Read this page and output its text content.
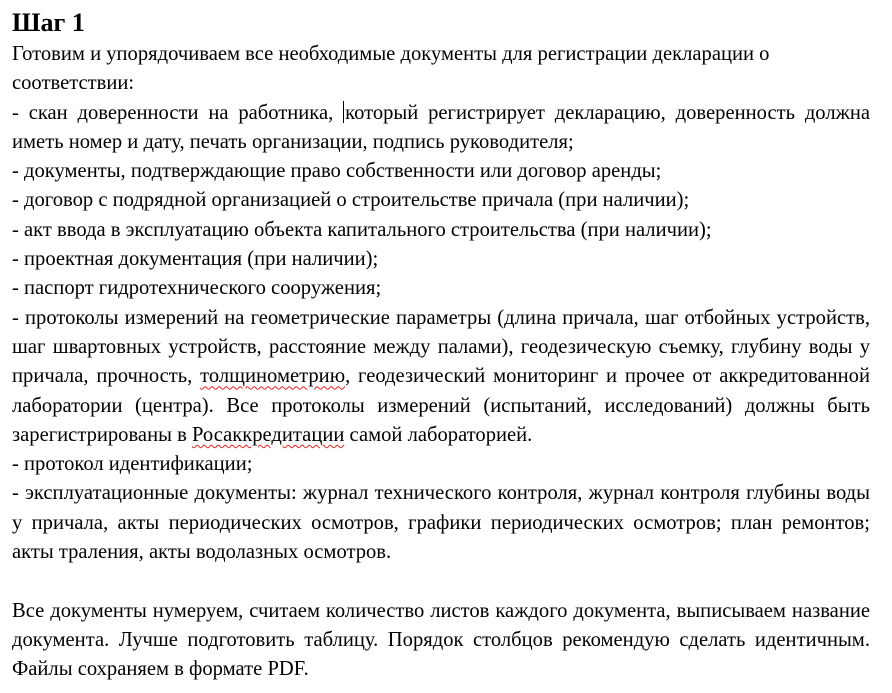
Шаг 1

Готовим и упорядочиваем все необходимые документы для регистрации декларации о соответствии:

- скан доверенности на работника, который регистрирует декларацию, доверенность должна иметь номер и дату, печать организации, подпись руководителя;

- документы, подтверждающие право собственности или договор аренды;

- договор с подрядной организацией о строительстве причала (при наличии);

- акт ввода в эксплуатацию объекта капитального строительства (при наличии);

- проектная документация (при наличии);

- паспорт гидротехнического сооружения;

- протоколы измерений на геометрические параметры (длина причала, шаг отбойных устройств, шаг швартовных устройств, расстояние между палами), геодезическую съемку, глубину воды у причала, прочность, толщинометрию, геодезический мониторинг и прочее от аккредитованной лаборатории (центра). Все протоколы измерений (испытаний, исследований) должны быть зарегистрированы в Росаккредитации самой лабораторией.

- протокол идентификации;

- эксплуатационные документы: журнал технического контроля, журнал контроля глубины воды у причала, акты периодических осмотров, графики периодических осмотров; план ремонтов; акты траления, акты водолазных осмотров.

Все документы нумеруем, считаем количество листов каждого документа, выписываем название документа. Лучше подготовить таблицу. Порядок столбцов рекомендую сделать идентичным. Файлы сохраняем в формате PDF.
